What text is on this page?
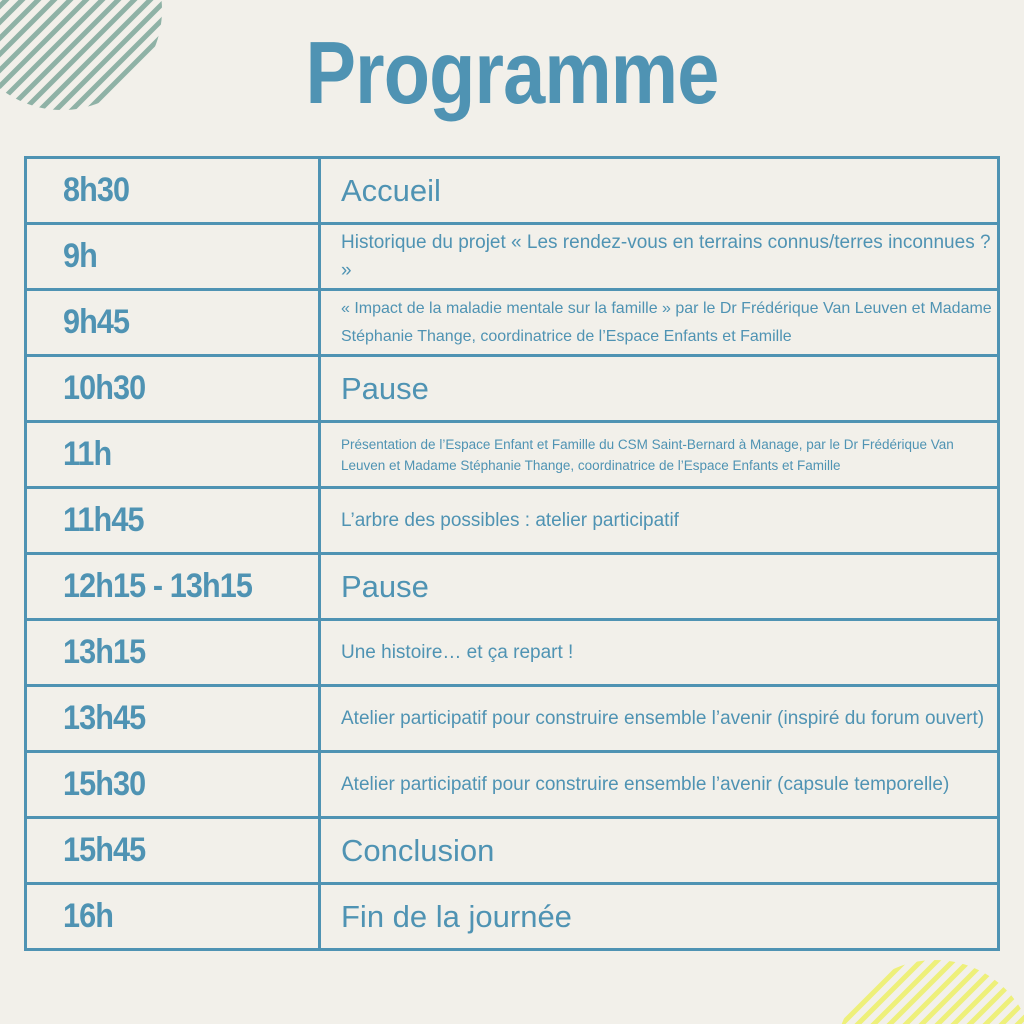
Programme
8h30	Accueil

9h	Historique du projet « Les rendez-vous en terrains connus/terres inconnues ? »

9h45	« Impact de la maladie mentale sur la famille » par le Dr Frédérique Van Leuven et Madame Stéphanie Thange, coordinatrice de l’Espace Enfants et Famille

10h30	Pause

11h	Présentation de l’Espace Enfant et Famille du CSM Saint-Bernard à Manage, par le Dr Frédérique Van Leuven et Madame Stéphanie Thange, coordinatrice de l’Espace Enfants et Famille

11h45	L’arbre des possibles : atelier participatif

12h15 - 13h15	Pause

13h15	Une histoire… et ça repart !

13h45	Atelier participatif pour construire ensemble l’avenir (inspiré du forum ouvert)

15h30	Atelier participatif pour construire ensemble l’avenir (capsule temporelle)

15h45	Conclusion

16h	Fin de la journée
